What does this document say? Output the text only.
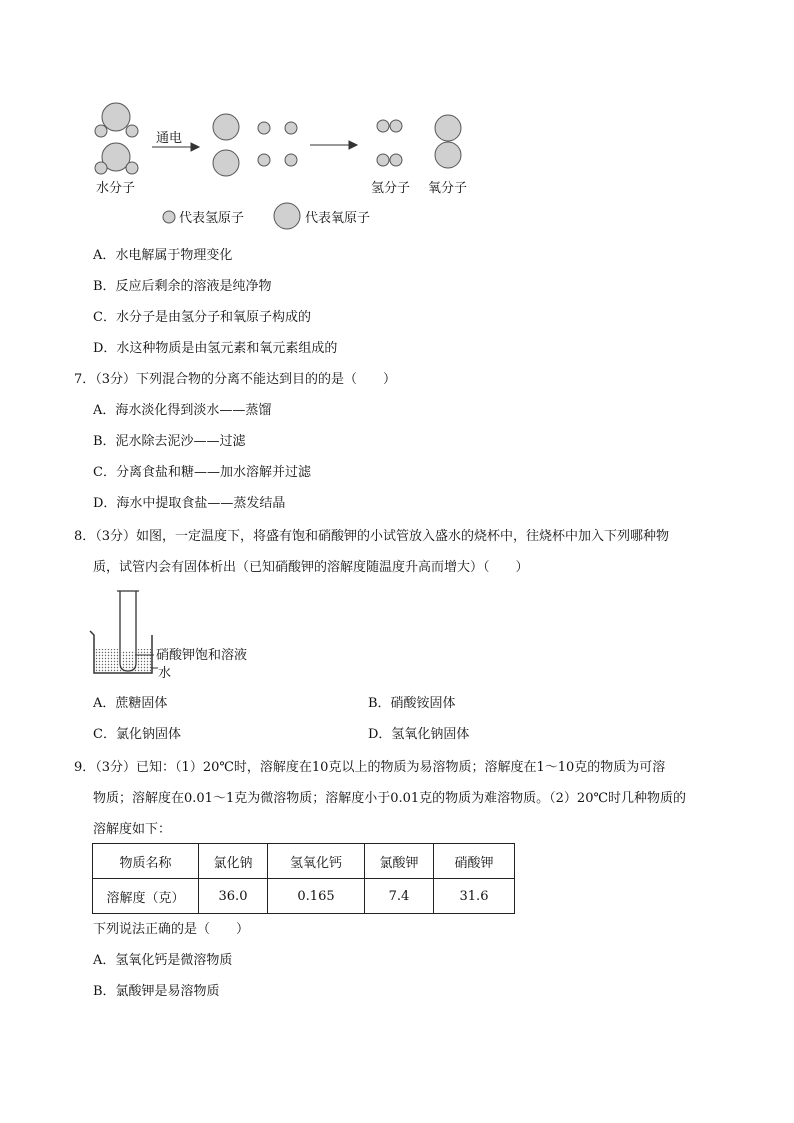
通电
水分子	氢分子 氧分子
代表氢原子	代表氧原子
A．水电解属于物理变化
B．反应后剩余的溶液是纯净物
C．水分子是由氢分子和氧原子构成的
D．水这种物质是由氢元素和氧元素组成的
7．（3分）下列混合物的分离不能达到目的的是（　　）
A．海水淡化得到淡水——蒸馏
B．泥水除去泥沙——过滤
C．分离食盐和糖——加水溶解并过滤
D．海水中提取食盐——蒸发结晶
8．（3分）如图，一定温度下，将盛有饱和硝酸钾的小试管放入盛水的烧杯中，往烧杯中加入下列哪种物
质，试管内会有固体析出（已知硝酸钾的溶解度随温度升高而增大）（　　）
硝酸钾饱和溶液
水
A．蔗糖固体	B．硝酸铵固体
C．氯化钠固体	D．氢氧化钠固体
9．（3分）已知：（1）20℃时，溶解度在10克以上的物质为易溶物质；溶解度在1～10克的物质为可溶
物质；溶解度在0.01～1克为微溶物质；溶解度小于0.01克的物质为难溶物质。（2）20℃时几种物质的
溶解度如下：
物质名称	氯化钠	氢氧化钙	氯酸钾	硝酸钾
溶解度（克）	36.0	0.165	7.4	31.6
下列说法正确的是（　　）
A．氢氧化钙是微溶物质
B．氯酸钾是易溶物质
